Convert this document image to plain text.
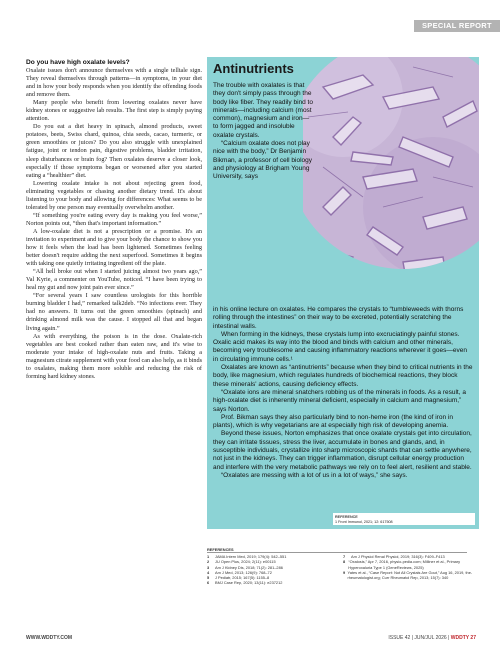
SPECIAL REPORT
Do you have high oxalate levels?

Oxalate issues don't announce themselves with a single telltale sign. They reveal themselves through patterns—in symptoms, in your diet and in how your body responds when you identify the offending foods and remove them.

Many people who benefit from lowering oxalates never have kidney stones or suggestive lab results. The first step is simply paying attention.

Do you eat a diet heavy in spinach, almond products, sweet potatoes, beets, Swiss chard, quinoa, chia seeds, cacao, turmeric, or green smoothies or juices? Do you also struggle with unexplained fatigue, joint or tendon pain, digestive problems, bladder irritation, sleep disturbances or brain fog? Then oxalates deserve a closer look, especially if those symptoms began or worsened after you started eating a “healthier” diet.

Lowering oxalate intake is not about rejecting green food, eliminating vegetables or chasing another dietary trend. It's about listening to your body and allowing for differences: What seems to be tolerated by one person may eventually overwhelm another.

“If something you're eating every day is making you feel worse,” Norton points out, “then that's important information.”

A low-oxalate diet is not a prescription or a promise. It's an invitation to experiment and to give your body the chance to show you how it feels when the load has been lightened. Sometimes feeling better doesn't require adding the next superfood. Sometimes it begins with taking one quietly irritating ingredient off the plate.

“All hell broke out when I started juicing almost two years ago,” Val Kyrie, a commenter on YouTube, noticed. “I have been trying to heal my gut and now joint pain ever since.”

“For several years I saw countless urologists for this horrible burning bladder I had,” remarked talk2deb. “No infections ever. They had no answers. It turns out the green smoothies (spinach) and drinking almond milk was the cause. I stopped all that and began living again.”

As with everything, the poison is in the dose. Oxalate-rich vegetables are best cooked rather than eaten raw, and it's wise to moderate your intake of high-oxalate nuts and fruits. Taking a magnesium citrate supplement with your food can also help, as it binds to oxalates, making them more soluble and reducing the risk of forming hard kidney stones.

Antinutrients

The trouble with oxalates is that they don't simply pass through the body like fiber. They readily bind to minerals—including calcium (most common), magnesium and iron—to form jagged and insoluble oxalate crystals.

“Calcium oxalate does not play nice with the body,” Dr Benjamin Bikman, a professor of cell biology and physiology at Brigham Young University, says

in his online lecture on oxalates. He compares the crystals to “tumbleweeds with thorns rolling through the intestines” on their way to be excreted, potentially scratching the intestinal walls.

When forming in the kidneys, these crystals lump into excruciatingly painful stones. Oxalic acid makes its way into the blood and binds with calcium and other minerals, becoming very troublesome and causing inflammatory reactions wherever it goes—even in circulating immune cells.¹

Oxalates are known as “antinutrients” because when they bind to critical nutrients in the body, like magnesium, which regulates hundreds of biochemical reactions, they block these minerals' actions, causing deficiency effects.

“Oxalate ions are mineral snatchers robbing us of the minerals in foods. As a result, a high-oxalate diet is inherently mineral deficient, especially in calcium and magnesium,” says Norton.

Prof. Bikman says they also particularly bind to non-heme iron (the kind of iron in plants), which is why vegetarians are at especially high risk of developing anemia.

Beyond these issues, Norton emphasizes that once oxalate crystals get into circulation, they can irritate tissues, stress the liver, accumulate in bones and glands, and, in susceptible individuals, crystallize into sharp microscopic shards that can settle anywhere, not just in the kidneys. They can trigger inflammation, disrupt cellular energy production and interfere with the very metabolic pathways we rely on to feel alert, resilient and stable.

“Oxalates are messing with a lot of us in a lot of ways,” she says.

REFERENCE
1 Front Immunol, 2021; 12: 617508
REFERENCES
1	JAMA Intern Med, 2019; 179(4): 542–551
2	JU Open Plus, 2024; 2(11): e00115
3	Am J Kidney Dis, 2018; 71(2): 281–286
4	Am J Med, 2013; 126(9): 768–72
5	J Pediatr, 2015; 167(5): 1155–8
6	BMJ Case Rep, 2020; 13(11): e237212
7	Am J Physiol Renal Physiol, 2019; 316(3): F409–F413
8 “Oxalosis,” Apr 7, 2016, physio-pedia.com; Milliner et al., Primary Hyperoxaluria Type 1 (GeneReviews, 2025)
9 Yates et al., “Case Report: Not All Crystals Are Gout,” Aug 16, 2019, the-rheumatologist.org; Curr Rheumatol Rep, 2013; 15(7): 340
WWW.WDDTY.COM	ISSUE 42 | JUN/JUL 2026 | WDDTY 27
